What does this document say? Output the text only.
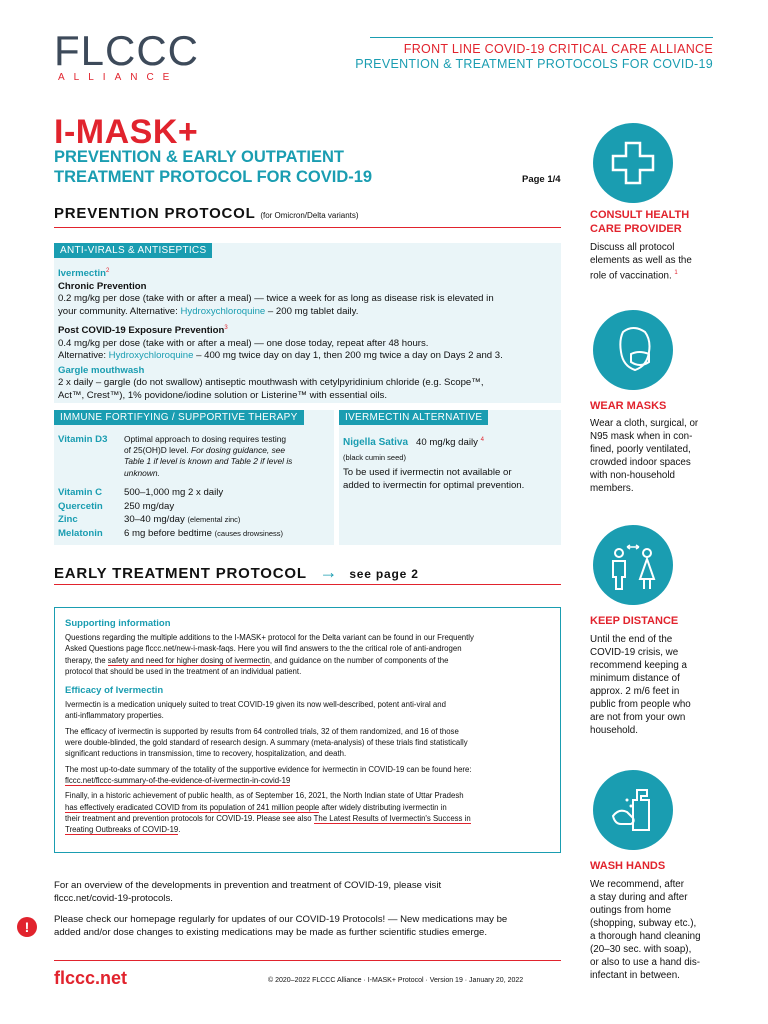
FLCCC
ALLIANCE
FRONT LINE COVID-19 CRITICAL CARE ALLIANCE
PREVENTION & TREATMENT PROTOCOLS FOR COVID-19
I-MASK+
PREVENTION & EARLY OUTPATIENT
TREATMENT PROTOCOL FOR COVID-19	Page 1/4
PREVENTION PROTOCOL (for Omicron/Delta variants)
ANTI-VIRALS & ANTISEPTICS
Ivermectin$^2$
Chronic Prevention
0.2 mg/kg per dose (take with or after a meal) — twice a week for as long as disease risk is elevated in
your community. Alternative: Hydroxychloroquine – 200 mg tablet daily.
Post COVID-19 Exposure Prevention$^3$
0.4 mg/kg per dose (take with or after a meal) — one dose today, repeat after 48 hours.
Alternative: Hydroxychloroquine – 400 mg twice day on day 1, then 200 mg twice a day on Days 2 and 3.
Gargle mouthwash
2 x daily – gargle (do not swallow) antiseptic mouthwash with cetylpyridinium chloride (e.g. Scope™,
Act™, Crest™), 1% povidone/iodine solution or Listerine™ with essential oils.
IMMUNE FORTIFYING / SUPPORTIVE THERAPY
Vitamin D3 Optimal approach to dosing requires testing
of 25(OH)D level. For dosing guidance, see
Table 1 if level is known and Table 2 if level is
unknown.
Vitamin C 500–1,000 mg 2 x daily
Quercetin 250 mg/day
Zinc	30–40 mg/day (elemental zinc)
Melatonin 6 mg before bedtime (causes drowsiness)
IVERMECTIN ALTERNATIVE
Nigella Sativa 40 mg/kg daily $^4$
(black cumin seed)
To be used if ivermectin not available or
added to ivermectin for optimal prevention.
EARLY TREATMENT PROTOCOL → see page 2
Supporting information
Questions regarding the multiple additions to the I-MASK+ protocol for the Delta variant can be found in our Frequently
Asked Questions page flccc.net/new-i-mask-faqs. Here you will find answers to the the critical role of anti-androgen
therapy, the safety and need for higher dosing of ivermectin, and guidance on the number of components of the
protocol that should be used in the treatment of an individual patient.
Efficacy of Ivermectin
Ivermectin is a medication uniquely suited to treat COVID-19 given its now well-described, potent anti-viral and
anti-inflammatory properties.
The efficacy of ivermectin is supported by results from 64 controlled trials, 32 of them randomized, and 16 of those
were double-blinded, the gold standard of research design. A summary (meta-analysis) of these trials find statistically
significant reductions in transmission, time to recovery, hospitalization, and death.
The most up-to-date summary of the totality of the supportive evidence for ivermectin in COVID-19 can be found here:
flccc.net/flccc-summary-of-the-evidence-of-ivermectin-in-covid-19
Finally, in a historic achievement of public health, as of September 16, 2021, the North Indian state of Uttar Pradesh
has effectively eradicated COVID from its population of 241 million people after widely distributing ivermectin in
their treatment and prevention protocols for COVID-19. Please see also The Latest Results of Ivermectin's Success in
Treating Outbreaks of COVID-19.
For an overview of the developments in prevention and treatment of COVID-19, please visit
flccc.net/covid-19-protocols.
!	Please check our homepage regularly for updates of our COVID-19 Protocols! — New medications may be
added and/or dose changes to existing medications may be made as further scientific studies emerge.
flccc.net	© 2020–2022 FLCCC Alliance · I-MASK+ Protocol · Version 19 · January 20, 2022
CONSULT HEALTH
CARE PROVIDER
Discuss all protocol
elements as well as the
role of vaccination. $^1$
WEAR MASKS
Wear a cloth, surgical, or
N95 mask when in con-
fined, poorly ventilated,
crowded indoor spaces
with non-household
members.
KEEP DISTANCE
Until the end of the
COVID-19 crisis, we
recommend keeping a
minimum distance of
approx. 2 m/6 feet in
public from people who
are not from your own
household.
WASH HANDS
We recommend, after
a stay during and after
outings from home
(shopping, subway etc.),
a thorough hand cleaning
(20–30 sec. with soap),
or also to use a hand dis-
infectant in between.
